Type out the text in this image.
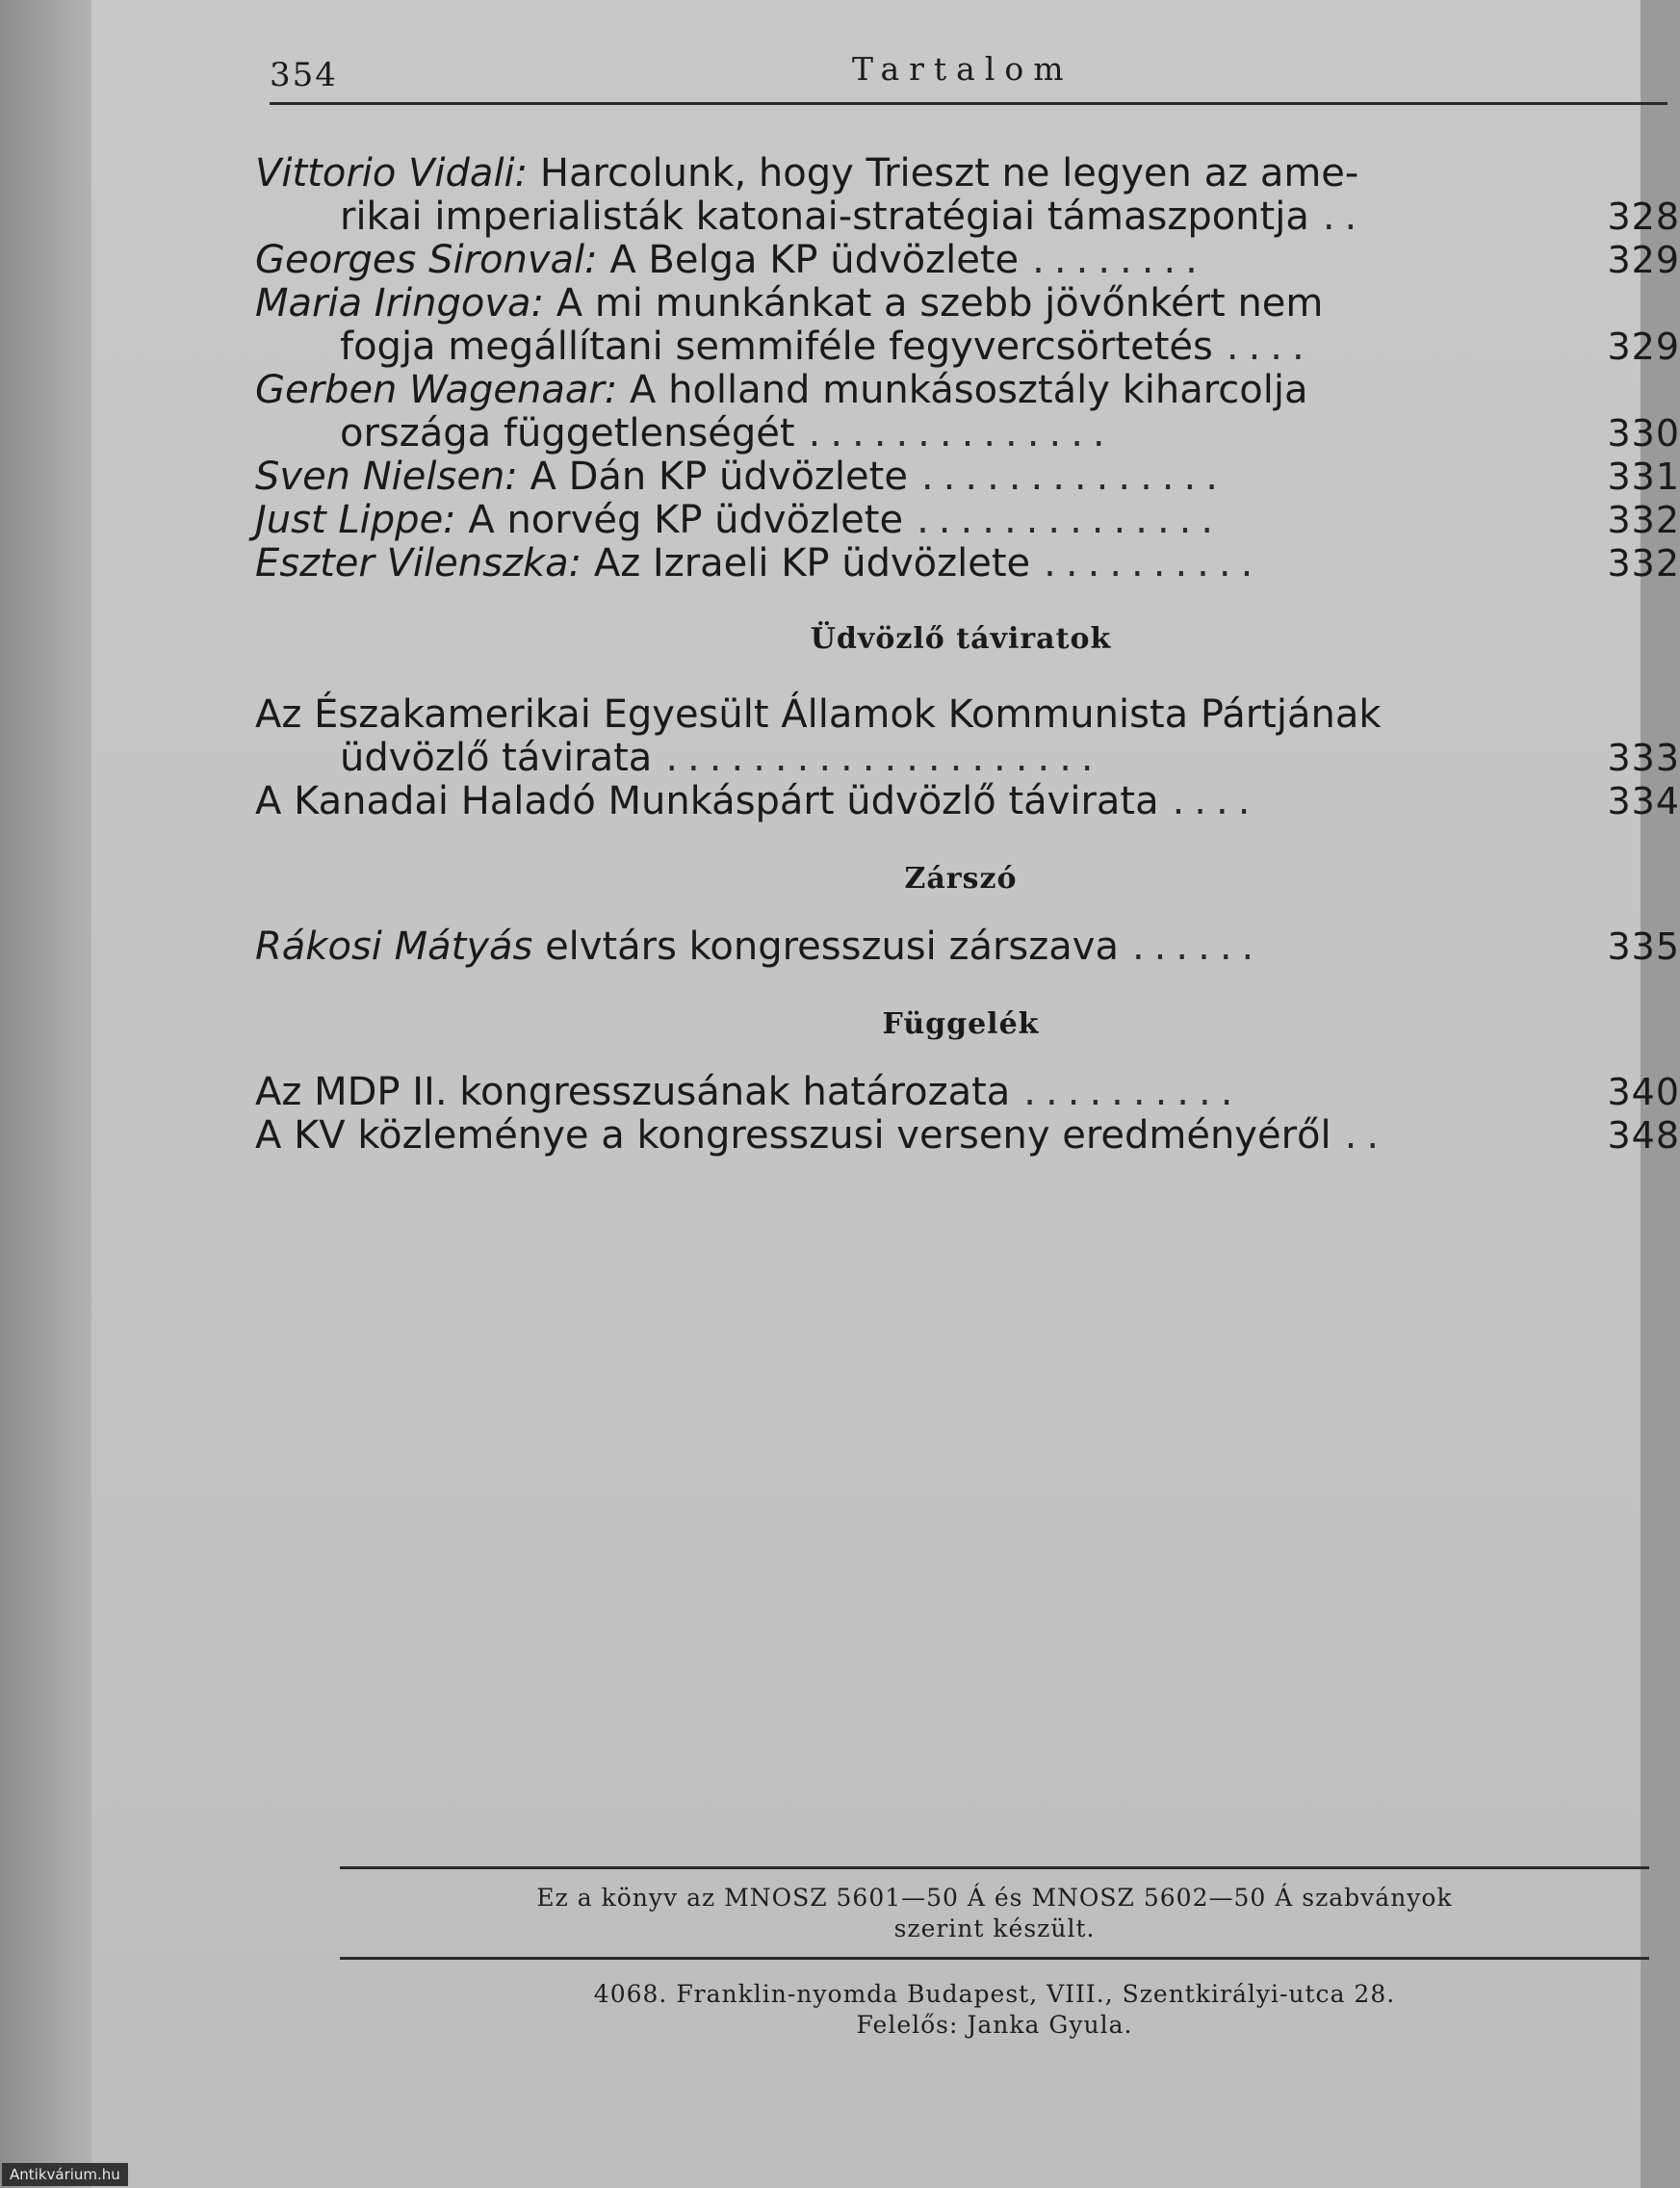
354	Tartalom
Vittorio Vidali: Harcolunk, hogy Trieszt ne legyen az ame-
rikai imperialisták katonai-stratégiai támaszpontja ..	328
Georges Sironval: A Belga KP üdvözlete ........	329
Maria Iringova: A mi munkánkat a szebb jövőnkért nem
fogja megállítani semmiféle fegyvercsörtetés ....	329
Gerben Wagenaar: A holland munkásosztály kiharcolja
országa függetlenségét ..............	330
Sven Nielsen: A Dán KP üdvözlete ..............	331
Just Lippe: A norvég KP üdvözlete ..............	332
Eszter Vilenszka: Az Izraeli KP üdvözlete ..........	332
Üdvözlő táviratok
Az Északamerikai Egyesült Államok Kommunista Pártjának
üdvözlő távirata ....................	333
A Kanadai Haladó Munkáspárt üdvözlő távirata ....	334
Zárszó
Rákosi Mátyás elvtárs kongresszusi zárszava ......	335
Függelék
Az MDP II. kongresszusának határozata ..........	340
A KV közleménye a kongresszusi verseny eredményéről ..	348
Ez a könyv az MNOSZ 5601—50 Á és MNOSZ 5602—50 Á szabványok
szerint készült.
4068. Franklin-nyomda Budapest, VIII., Szentkirályi-utca 28.
Felelős: Janka Gyula.
Antikvárium.hu
